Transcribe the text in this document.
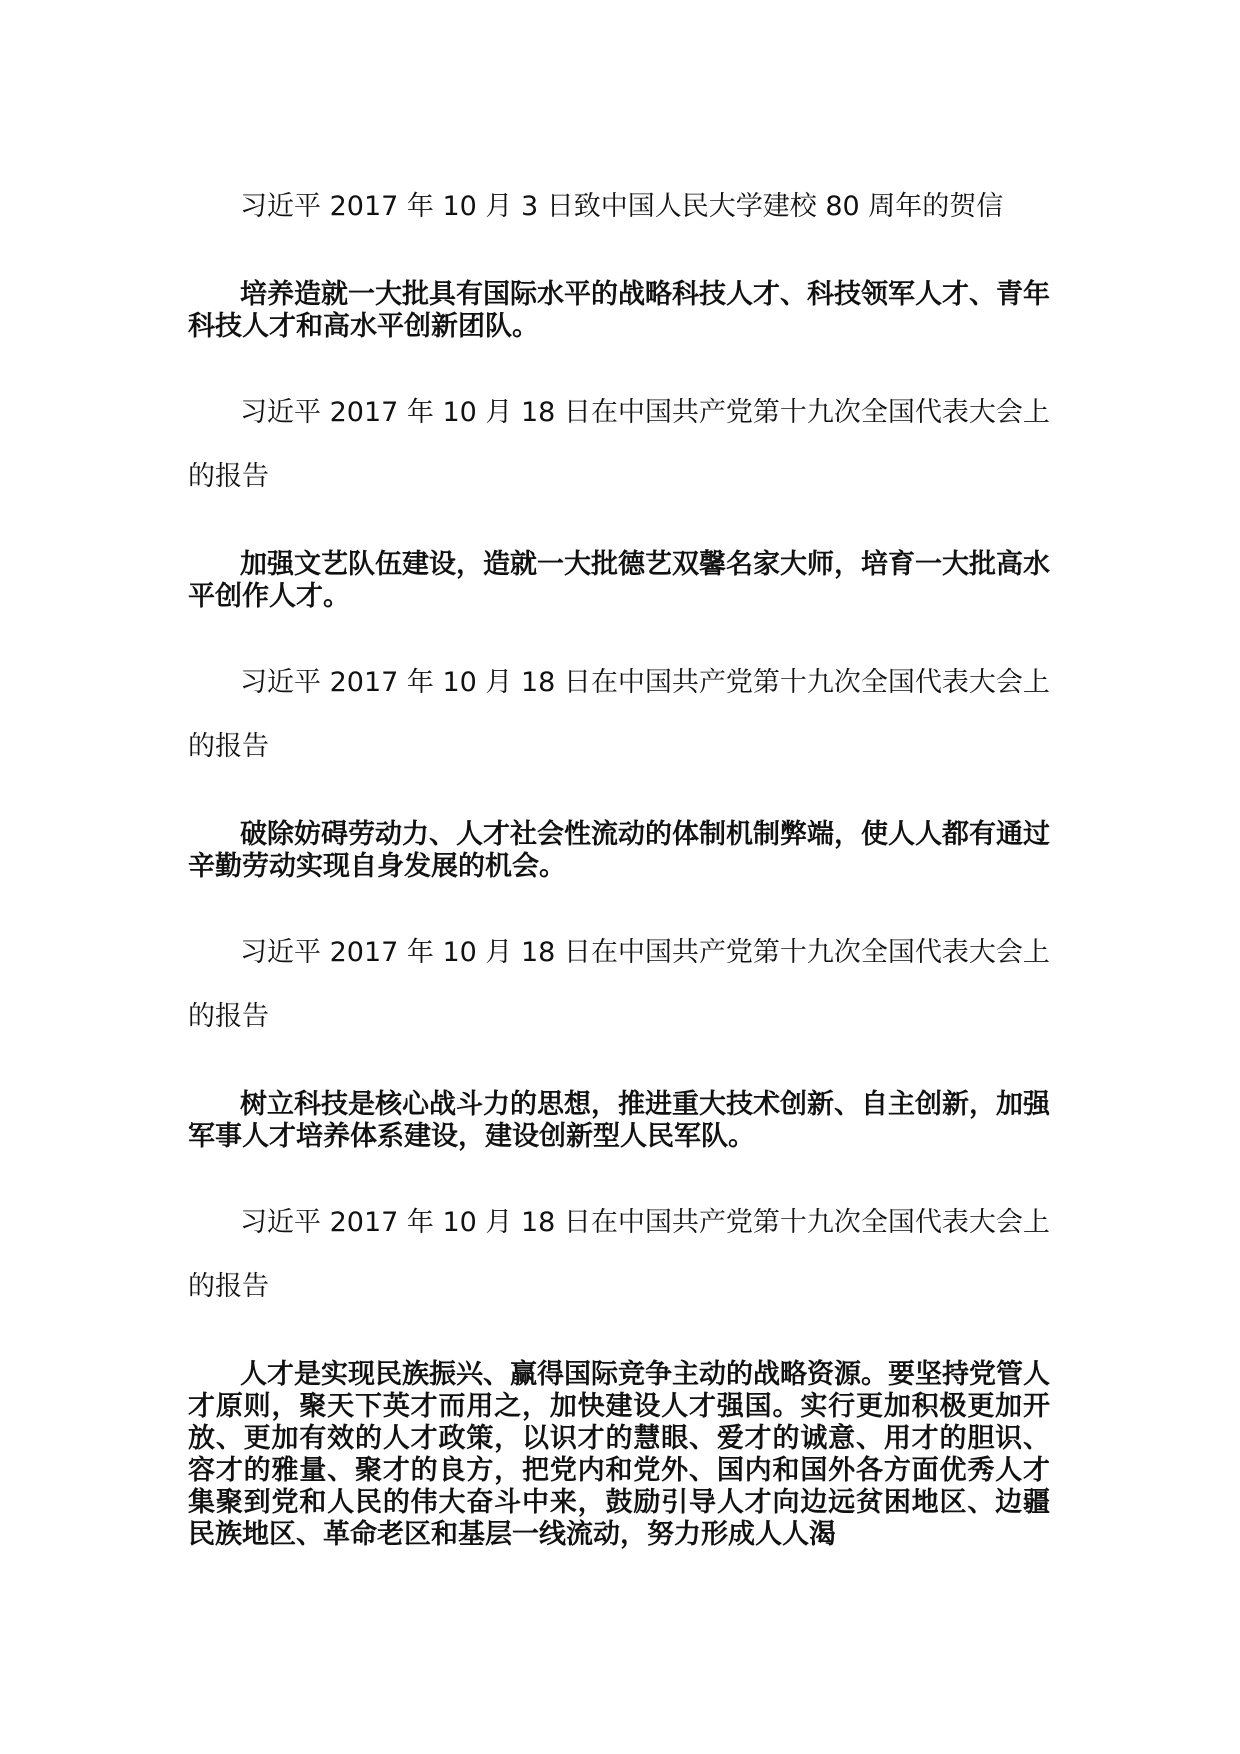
习近平 2017 年 10 月 3 日致中国人民大学建校 80 周年的贺信

培养造就一大批具有国际水平的战略科技人才、科技领军人才、青年科技人才和高水平创新团队。

习近平 2017 年 10 月 18 日在中国共产党第十九次全国代表大会上的报告

加强文艺队伍建设，造就一大批德艺双馨名家大师，培育一大批高水平创作人才。

习近平 2017 年 10 月 18 日在中国共产党第十九次全国代表大会上的报告

破除妨碍劳动力、人才社会性流动的体制机制弊端，使人人都有通过辛勤劳动实现自身发展的机会。

习近平 2017 年 10 月 18 日在中国共产党第十九次全国代表大会上的报告

树立科技是核心战斗力的思想，推进重大技术创新、自主创新，加强军事人才培养体系建设，建设创新型人民军队。

习近平 2017 年 10 月 18 日在中国共产党第十九次全国代表大会上的报告

人才是实现民族振兴、赢得国际竞争主动的战略资源。要坚持党管人才原则，聚天下英才而用之，加快建设人才强国。实行更加积极更加开放、更加有效的人才政策，以识才的慧眼、爱才的诚意、用才的胆识、容才的雅量、聚才的良方，把党内和党外、国内和国外各方面优秀人才集聚到党和人民的伟大奋斗中来，鼓励引导人才向边远贫困地区、边疆民族地区、革命老区和基层一线流动，努力形成人人渴
